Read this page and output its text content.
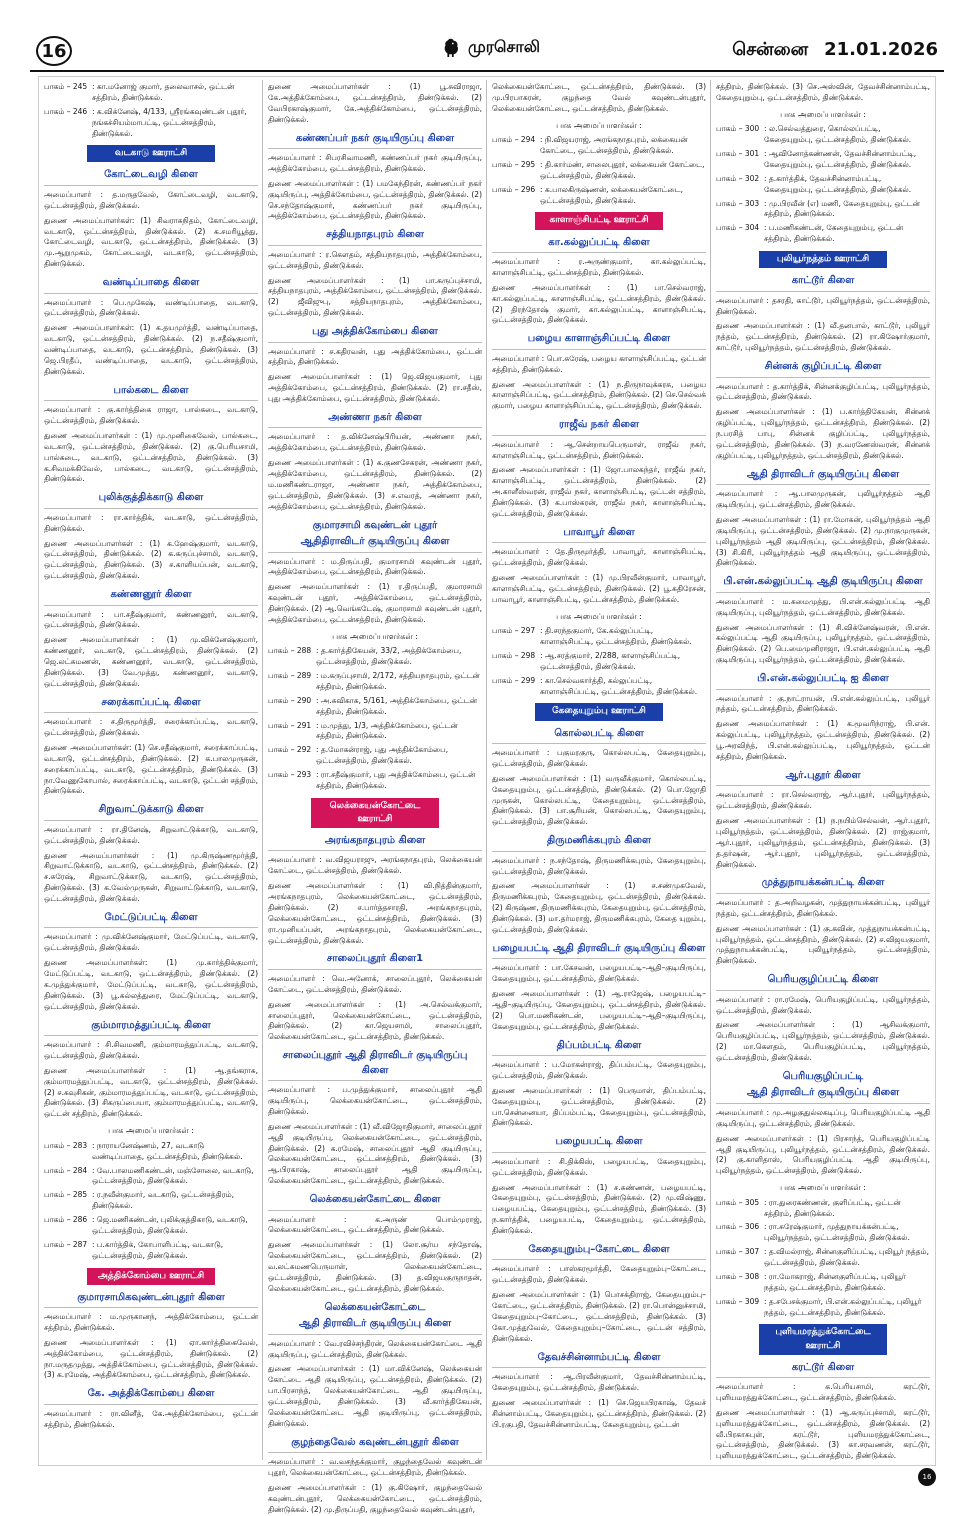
16	முரசொலி	சென்னை 21.01.2026
பாகம் – 245 : கா.மனோஜ் குமார், தலைவாசல், ஒட்டன் சத்திரம், திண்டுக்கல்.
பாகம் – 246 : க.விக்னேஷ், 4/133, ஸ்ரீரங்கவுண்டன் புதூர், நங்கச்சியம்மாபட்டி, ஒட்டன்சத்திரம், திண்டுக்கல்.
வடகாடு ஊராட்சி
கோட்டைவழி கிளை
அமைப்பாளர் : த.மருதவேல், கோட்டைவழி, வடகாடு, ஒட்டன்சத்திரம், திண்டுக்கல்.
துணை அமைப்பாளர்கள்: (1) சிவராசுநிதம், கோட்டைவழி, வடகாடு, ஒட்டன்சத்திரம், திண்டுக்கல். (2) க.சமரியூத்து, கோட்டைவழி, வடகாடு, ஒட்டன்சத்திரம், திண்டுக்கல். (3) மு.ஆறுமுகம், கோட்டைவழி, வடகாடு, ஒட்டன்சத்திரம், திண்டுக்கல்.
வண்டிப்பாதை கிளை
அமைப்பாளர் : பெ.முகேஷ், வண்டிப்பாதை, வடகாடு, ஒட்டன்சத்திரம், திண்டுக்கல்.
துணை அமைப்பாளர்கள்: (1) க.தயமுர்த்தி, வண்டிப்பாதை, வடகாடு, ஒட்டன்சத்திரம், திண்டுக்கல். (2) ந.சதீஷ்குமார், வண்டிப்பாதை, வடகாடு, ஒட்டன்சத்திரம், திண்டுக்கல். (3) ஜெ.பிரதீப், வண்டிப்பாதை, வடகாடு, ஒட்டன்சத்திரம், திண்டுக்கல்.
பால்கடை கிளை
அமைப்பாளர் : கு.கார்த்திகை ராஜா, பால்கடை, வடகாடு, ஒட்டன்சத்திரம், திண்டுக்கல்.
துணை அமைப்பாளர்கள் : (1) மு.முனிகைவேல், பால்கடை, வடகாடு, ஒட்டன்சத்திரம், திண்டுக்கல். (2) கு.பெரியசாமி, பால்கடை, வடகாடு, ஒட்டன்சத்திரம், திண்டுக்கல். (3) க.சிவமக்கிவேல், பால்கடை, வடகாடு, ஒட்டன்சத்திரம், திண்டுக்கல்.
புலிக்குத்திக்காடு கிளை
அமைப்பாளர் : ரா.கார்த்திக், வடகாடு, ஒட்டன்சத்திரம், திண்டுக்கல்.
துணை அமைப்பாளர்கள் : (1) க.ஹேஷ்குமார், வடகாடு, ஒட்டன்சத்திரம், திண்டுக்கல். (2) க.கருப்புச்சாமி, வடகாடு, ஒட்டன்சத்திரம், திண்டுக்கல். (3) ச.காளியப்பன், வடகாடு, ஒட்டன்சத்திரம், திண்டுக்கல்.
கண்ணனூர் கிளை
அமைப்பாளர் : பா.சதீஷ்குமார், கண்ணனூர், வடகாடு, ஒட்டன்சத்திரம், திண்டுக்கல்.
துணை அமைப்பாளர்கள் : (1) மு.விக்னேஷ்குமார், கண்ணனூர், வடகாடு, ஒட்டன்சத்திரம், திண்டுக்கல். (2) ஜெ.லட்சுமணன், கண்ணனூர், வடகாடு, ஒட்டன்சத்திரம், திண்டுக்கல். (3) வே.முத்து, கண்ணனூர், வடகாடு, ஒட்டன்சத்திரம், திண்டுக்கல்.
சரைக்காப்பட்டி கிளை
அமைப்பாளர் : ச.திருமூர்த்தி, சரைக்காப்பட்டி, வடகாடு, ஒட்டன்சத்திரம், திண்டுக்கல்.
துணை அமைப்பாளர்கள்: (1) செ.சதீஷ்குமார், சரைக்காப்பட்டி, வடகாடு, ஒட்டன்சத்திரம், திண்டுக்கல். (2) க.பாலமுருகன், சரைக்காப்பட்டி, வடகாடு, ஒட்டன்சத்திரம், திண்டுக்கல். (3) நா.வேணுகோபால், சரைக்காப்பட்டி, வடகாடு, ஒட்டன் சத்திரம், திண்டுக்கல்.
சிறுவாட்டுக்காடு கிளை
அமைப்பாளர் : ரா.தினேஷ், சிறுவாட்டுக்காடு, வடகாடு, ஒட்டன்சத்திரம், திண்டுக்கல்.
துணை அமைப்பாளர்கள் : (1) மு.கிருஷ்ணமூர்த்தி, சிறுவாட்டுக்காடு, வடகாடு, ஒட்டன்சத்திரம், திண்டுக்கல். (2) ச.சுரேஷ், சிறுவாட்டுக்காடு, வடகாடு, ஒட்டன்சத்திரம், திண்டுக்கல். (3) க.வேல்முருகன், சிறுவாட்டுக்காடு, வடகாடு, ஒட்டன்சத்திரம், திண்டுக்கல்.
மேட்டுப்பட்டி கிளை
அமைப்பாளர் : மு.விக்னேஷ்குமார், மேட்டுப்பட்டி, வடகாடு, ஒட்டன்சத்திரம், திண்டுக்கல்.
துணை அமைப்பாளர்கள்: (1) மு.கார்த்திக்குமார், மேட்டுப்பட்டி, வடகாடு, ஒட்டன்சத்திரம், திண்டுக்கல். (2) க.முத்துக்குமார், மேட்டுப்பட்டி, வடகாடு, ஒட்டன்சத்திரம், திண்டுக்கல். (3) பூ.சுல்லத்துரை, மேட்டுப்பட்டி, வடகாடு, ஒட்டன்சத்திரம், திண்டுக்கல்.
கும்மாரமத்துப்பட்டி கிளை
அமைப்பாளர் : சி.சிவமணி, கும்மாரமத்துப்பட்டி, வடகாடு, ஒட்டன்சத்திரம், திண்டுக்கல்.
துணை அமைப்பாளர்கள் : (1) ஆ.தங்கராசு, கும்மாரமத்துப்பட்டி, வடகாடு, ஒட்டன்சத்திரம், திண்டுக்கல். (2) ச.கவுசிகன், கும்மாரமத்துப்பட்டி, வடகாடு, ஒட்டன்சத்திரம், திண்டுக்கல். (3) சிகருப்பையா, கும்மாரமத்துப்பட்டி, வடகாடு, ஒட்டன் சத்திரம், திண்டுக்கல்.
பாக அமைப்பாளர்கள் :
பாகம் – 283 : நாராயனேஷ்ணம், 27, வடகாடு வண்டிப்பாதை, ஒட்டன்சத்திரம், திண்டுக்கல்.
பாகம் – 284 : வே.பாலமணிகண்டன், மஞ்சோலை, வடகாடு, ஒட்டன்சத்திரம், திண்டுக்கல்.
பாகம் – 285 : ர.நவீன்குமார், வடகாடு, ஒட்டன்சத்திரம், திண்டுக்கல்.
பாகம் – 286 : ஜெ.மணிகண்டன், புலிக்குத்திகாடு, வடகாடு, ஒட்டன்சத்திரம், திண்டுக்கல்.
பாகம் – 287 : ப.கார்த்திக், கோபாளிபட்டி, வடகாடு, ஒட்டன்சத்திரம், திண்டுக்கல்.
அத்திக்கோம்பை ஊராட்சி
குமாரசாமிகவுண்டன்புதூர் கிளை
அமைப்பாளர் : ம.முருகானந், அத்திக்கோம்பை, ஒட்டன் சத்திரம், திண்டுக்கல்.
துணை அமைப்பாளர்கள் : (1) ஏா.கார்த்திகைவேல், அத்திக்கோம்பை, ஒட்டன்சத்திரம், திண்டுக்கல். (2) நா.மருதமுத்து, அத்திக்கோம்பை, ஒட்டன்சத்திரம், திண்டுக்கல். (3) க.ரமேஷ், அத்திக்கோம்பை, ஒட்டன்சத்திரம், திண்டுக்கல்.
கே. அத்திக்கோம்பை கிளை
அமைப்பாளர் : ரா.வினீத், கே.அத்திக்கோம்பை, ஒட்டன் சத்திரம், திண்டுக்கல்.
துணை அமைப்பாளர்கள் : (1) பூ.சுவிராஜா, கே.அத்திக்கோம்பை, ஒட்டன்சத்திரம், திண்டுக்கல். (2) வேபிரகாஷ்குமார், கே.அத்திக்கோம்பை, ஒட்டன்சத்திரம், திண்டுக்கல்.
கண்ணப்பர் நகர் குடியிருப்பு கிளை
அமைப்பாளர் : சிபரசிவாமணி, கண்ணப்பர் நகர் குடியிருப்பு, அத்திக்கோம்பை, ஒட்டன்சத்திரம், திண்டுக்கல்.
துணை அமைப்பாளர்கள் : (1) பமகேந்திரன், கண்ணப்பர் நகர் குடியிருப்பு, அத்திக்கோம்பை, ஒட்டன்சத்திரம், திண்டுக்கல். (2) செ.சந்தோஷ்குமார், கண்ணப்பர் நகர் குடியிருப்பு, அத்திக்கோம்பை, ஒட்டன்சத்திரம், திண்டுக்கல்.
சத்தியநாதபுரம் கிளை
அமைப்பாளர் : ர.கௌதம், சத்தியநாதபுரம், அத்திக்கோம்பை, ஒட்டன்சத்திரம், திண்டுக்கல்.
துணை அமைப்பாளர்கள் : (1) பா.கருப்புச்சாமி, சத்தியநாதபுரம், அத்திக்கோம்பை, ஒட்டன்சத்திரம், திண்டுக்கல். (2) ஜீவிஜுபு, சத்தியநாதபுரம், அத்திக்கோம்பை, ஒட்டன்சத்திரம், திண்டுக்கல்.
புது அத்திக்கோம்பை கிளை
அமைப்பாளர் : ச.கதிரவன், புது அத்திக்கோம்பை, ஒட்டன் சத்திரம், திண்டுக்கல்.
துணை அமைப்பாளர்கள் : (1) ஜெ.விஜயகுமார், புது அத்திக்கோம்பை, ஒட்டன்சத்திரம், திண்டுக்கல். (2) ரா.சதீஸ், புது அத்திக்கோம்பை, ஒட்டன்சத்திரம், திண்டுக்கல்.
அண்ணா நகர் கிளை
அமைப்பாளர் : த.விக்னேஷ்பிரியன், அண்ணா நகர், அத்திக்கோம்பை, ஒட்டன்சத்திரம், திண்டுக்கல்.
துணை அமைப்பாளர்கள் : (1) க.குணசேகரன், அண்ணா நகர், அத்திக்கோம்பை, ஒட்டன்சத்திரம், திண்டுக்கல். (2) ம.மணிகண்டராஜா, அண்ணா நகர், அத்திக்கோம்பை, ஒட்டன்சத்திரம், திண்டுக்கல். (3) ச.எவரத், அண்ணா நகர், அத்திக்கோம்பை, ஒட்டன்சத்திரம், திண்டுக்கல்.
குமாரசாமி கவுண்டன் புதூர்
ஆதிதிராவிடர் குடியிருப்பு கிளை
அமைப்பாளர் : ம.திருப்பதி, குமாரசாமி கவுண்டன் புதூர், அத்திக்கோம்பை, ஒட்டன்சத்திரம், திண்டுக்கல்.
துணை அமைப்பாளர்கள் : (1) ர.திருப்பதி, குமாரசாமி கவுண்டன் புதூர், அத்திக்கோம்பை, ஒட்டன்சத்திரம், திண்டுக்கல். (2) ஆ.வெங்கடேஷ், குமாரசாமி கவுண்டன் புதூர், அத்திக்கோம்பை, ஒட்டன்சத்திரம், திண்டுக்கல்.
பாக அமைப்பாளர்கள் :
பாகம் – 288 : த.கார்த்திகேயன், 33/2, அத்திக்கோம்பை, ஒட்டன்சத்திரம், திண்டுக்கல்.
பாகம் – 289 : ம.கருப்புசாமி, 2/172, சத்தியநாதபுரம், ஒட்டன் சத்திரம், திண்டுக்கல்.
பாகம் – 290 : அ.சுவிகாசு, 5/161, அத்திக்கோம்பை, ஒட்டன் சத்திரம், திண்டுக்கல்.
பாகம் – 291 : ம.முத்து, 1/3, அத்திக்கோம்பை, ஒட்டன் சத்திரம், திண்டுக்கல்.
பாகம் – 292 : த.மோகன்ராஜ், புது அத்திக்கோம்பை, ஒட்டன்சத்திரம், திண்டுக்கல்.
பாகம் – 293 : ரா.சதீஷ்குமார், புது அத்திக்கோம்பை, ஒட்டன் சத்திரம், திண்டுக்கல்.
லெக்கையன்கோட்டை ஊராட்சி
அரங்கநாதபுரம் கிளை
அமைப்பாளர் : வ.விஜயராஜு, அரங்கநாதபுரம், லெக்கையன் கோட்டை, ஒட்டன்சத்திரம், திண்டுக்கல்.
துணை அமைப்பாளர்கள் : (1) வி.நித்தின்குமார், அரங்கநாதபுரம், லெக்கையன்கோட்டை, ஒட்டன்சத்திரம், திண்டுக்கல். (2) ச.பார்த்தசாரதி, அரங்கநாதபுரம், லெக்கையன்கோட்டை, ஒட்டன்சத்திரம், திண்டுக்கல். (3) ரா.முனியப்பன், அரங்கநாதபுரம், லெக்கையன்கோட்டை, ஒட்டன்சத்திரம், திண்டுக்கல்.
சாலைப்புதூர் கிளை1
அமைப்பாளர் : வெ.அனோக், சாலைப்புதூர், லெக்கையன் கோட்டை, ஒட்டன்சத்திரம், திண்டுக்கல்.
துணை அமைப்பாளர்கள் : (1) அ.செல்வக்குமார், சாலைப்புதூர், லெக்கையன்கோட்டை, ஒட்டன்சத்திரம், திண்டுக்கல். (2) கா.ஜெயசாமி, சாலைப்புதூர், லெக்கையன்கோட்டை, ஒட்டன்சத்திரம், திண்டுக்கல்.
சாலைப்புதூர் ஆதி திராவிடர் குடியிருப்பு கிளை
அமைப்பாளர் : ப.முத்துக்குமார், சாலைப்புதூர் ஆதி குடியிருப்பு, லெக்கையன்கோட்டை, ஒட்டன்சத்திரம், திண்டுக்கல்.
துணை அமைப்பாளர்கள் : (1) வீ.விஜோதிகுமார், சாலைப்புதூர் ஆதி குடியிருப்பு, லெக்கையன்கோட்டை, ஒட்டன்சத்திரம், திண்டுக்கல். (2) க.ரமேஷ், சாலைப்புதூர் ஆதி குடியிருப்பு, லெக்கையன்கோட்டை, ஒட்டன்சத்திரம், திண்டுக்கல். (3) ஆ.பிரகாஷ், சாலைப்புதூர் ஆதி குடியிருப்பு, லெக்கையன்கோட்டை, ஒட்டன்சத்திரம், திண்டுக்கல்.
லெக்கையன்கோட்டை கிளை
அமைப்பாளர் : க.அருண் பொம்முராஜ், லெக்கையன்கோட்டை, ஒட்டன்சத்திரம், திண்டுக்கல்.
துணை அமைப்பாளர்கள் : (1) லோ.சூர்ய சந்தோஷ், லெக்கையன்கோட்டை, ஒட்டன்சத்திரம், திண்டுக்கல். (2) வ.லட்சுமணபெருமாள், லெக்கையன்கோட்டை, ஒட்டன்சத்திரம், திண்டுக்கல். (3) த.விஜயகுருநாதன், லெக்கையன்கோட்டை, ஒட்டன்சத்திரம், திண்டுக்கல்.
லெக்கையன்கோட்டை
ஆதி திராவிடர் குடியிருப்பு கிளை
அமைப்பாளர் : வே.ரவிச்சந்திரன், லெக்கையன்கோட்டை ஆதி குடியிருப்பு, ஒட்டன்சத்திரம், திண்டுக்கல்.
துணை அமைப்பாளர்கள் : (1) மா.விக்னேஷ், லெக்கையன் கோட்டை ஆதி குடியிருப்பு, ஒட்டன்சத்திரம், திண்டுக்கல். (2) பா.பிரசாந்த், லெக்கையன்கோட்டை ஆதி குடியிருப்பு, ஒட்டன்சத்திரம், திண்டுக்கல். (3) வீ.கார்த்திகேயன், லெக்கையன்கோட்டை ஆதி குடியிருப்பு, ஒட்டன்சத்திரம், திண்டுக்கல்.
குழந்தைவேல் கவுண்டன்புதூர் கிளை
அமைப்பாளர் : வ.வசந்தக்குமார், குழந்தைவேல் கவுண்டன் புதூர், லெக்கையன்கோட்டை, ஒட்டன்சத்திரம், திண்டுக்கல்.
துணை அமைப்பாளர்கள் : (1) கு.கிஷோர், குழந்தைவேல் கவுண்டன்புதூர், லெக்கையன்கோட்டை, ஒட்டன்சத்திரம், திண்டுக்கல். (2) மு.திருப்பதி, குழந்தைவேல் கவுண்டன்புதூர்,
லெக்கையன்கோட்டை, ஒட்டன்சத்திரம், திண்டுக்கல். (3) மு.பிரபாகரன், குழந்தை வேல் கவுண்டன்புதூர், லெக்கையன்கோட்டை, ஒட்டன்சத்திரம், திண்டுக்கல்.
பாக அமைப்பாளர்கள் :
பாகம் – 294 : நி.விஜயராஜ், அரங்கநாதபுரம், லக்கையன் கோட்டை, ஒட்டன்சத்திரம், திண்டுக்கல்.
பாகம் – 295 : தி.கார்மண், சாலைபுதூர், லக்கையன் கோட்டை, ஒட்டன்சத்திரம், திண்டுக்கல்.
பாகம் – 296 : க.பாலகிருஷ்ணன், லக்கையன்கோட்டை, ஒட்டன்சத்திரம், திண்டுக்கல்.
காளாஞ்சிபட்டி ஊராட்சி
கா.கல்லுப்பட்டி கிளை
அமைப்பாளர் : ர.அருண்குமார், கா.கல்லுப்பட்டி, காளாஞ்சிபட்டி, ஒட்டன்சத்திரம், திண்டுக்கல்.
துணை அமைப்பாளர்கள் : (1) பா.செல்வராஜ், கா.கல்லுப்பட்டி, காளாஞ்சிபட்டி, ஒட்டன்சத்திரம், திண்டுக்கல். (2) திரந்தோஷ் குமார், கா.கல்லுப்பட்டி, காளாஞ்சிபட்டி, ஒட்டன்சத்திரம், திண்டுக்கல்.
பழைய காளாஞ்சிப்பட்டி கிளை
அமைப்பாளர் : பொ.சுரேஷ், பழைய காளாஞ்சிப்பட்டி, ஒட்டன் சத்திரம், திண்டுக்கல்.
துணை அமைப்பாளர்கள் : (1) ந.திருநாவுக்கரசு, பழைய காளாஞ்சிப்பட்டி, ஒட்டன்சத்திரம், திண்டுக்கல். (2) செ.செல்வக் குமார், பழைய காளாஞ்சிப்பட்டி, ஒட்டன்சத்திரம், திண்டுக்கல்.
ராஜீவ் நகர் கிளை
அமைப்பாளர் : ஆ.சென்றாயபெருமாள், ராஜீவ் நகர், காளாஞ்சிபட்டி, ஒட்டன்சத்திரம், திண்டுக்கல்.
துணை அமைப்பாளர்கள் : (1) ஜோ.பாலகந்தர், ராஜீவ் நகர், காளாஞ்சிபட்டி, ஒட்டன்சத்திரம், திண்டுக்கல். (2) அ.காளீஸ்வரன், ராஜீவ் நகர், காளாஞ்சிபட்டி, ஒட்டன் சத்திரம், திண்டுக்கல். (3) க.பாஸ்கரன், ராஜீவ் நகர், காளாஞ்சிபட்டி, ஒட்டன்சத்திரம், திண்டுக்கல்.
பாவாபூர் கிளை
அமைப்பாளர் : தே.திருமூர்த்தி, பாவாபூர், காளாஞ்சிபட்டி, ஒட்டன்சத்திரம், திண்டுக்கல்.
துணை அமைப்பாளர்கள் : (1) மு.பிரவீன்குமார், பாவாபூர், காளாஞ்சிபட்டி, ஒட்டன்சத்திரம், திண்டுக்கல். (2) பூ.சுதிரேசன், பாவாபூர், காளாஞ்சிபட்டி, ஒட்டன்சத்திரம், திண்டுக்கல்.
பாக அமைப்பாளர்கள் :
பாகம் – 297 : தி.சரந்தகுமார், கே.கல்லுப்பட்டி, காளாஞ்சிபட்டி, ஒட்டன்சத்திரம், திண்டுக்கல்.
பாகம் – 298 : ஆ.சரத்குமார், 2/288, காளாஞ்சிப்பட்டி, ஒட்டன்சத்திரம், திண்டுக்கல்.
பாகம் – 299 : கா.செல்வகார்த்தி, கல்லுப்பட்டி, காளாஞ்சிப்பட்டி, ஒட்டன்சத்திரம், திண்டுக்கல்.
கேதையுறும்பு ஊராட்சி
கொல்லபட்டி கிளை
அமைப்பாளர் : பகுமரகுரு, கொல்லபட்டி, கேதையுறும்பு, ஒட்டன்சத்திரம், திண்டுக்கல்.
துணை அமைப்பாளர்கள் : (1) வருவீக்குமார், கொல்லபட்டி, கேதையுறும்பு, ஒட்டன்சத்திரம், திண்டுக்கல். (2) பொ.ஜோதி முருகன், கொல்லபட்டி, கேதையுறும்பு, ஒட்டன்சத்திரம், திண்டுக்கல். (3) பா.சூரியன், கொல்லபட்டி, கேதையுறும்பு, ஒட்டன்சத்திரம், திண்டுக்கல்.
திருமணிக்கபுரம் கிளை
அமைப்பாளர் : ந.சந்தோஷ், திருமணிக்கபுரம், கேதையுறும்பு, ஒட்டன்சத்திரம், திண்டுக்கல்.
துணை அமைப்பாளர்கள் : (1) ச.சண்முகவேல், திருமணிக்கபுரம், கேதையுறும்பு, ஒட்டன்சத்திரம், திண்டுக்கல். (2) கிருஷ்ண, திருமணிக்கபுரம், கேதையுறும்பு, ஒட்டன்சத்திரம், திண்டுக்கல். (3) மா.தர்மராஜ், திருமணிக்கபுரம், கேதை யுறும்பு, ஒட்டன்சத்திரம், திண்டுக்கல்.
பழையபட்டி ஆதி திராவிடர் குடியிருப்பு கிளை
அமைப்பாளர் : பா.கேசவன், பழையபட்டி–ஆதி–குடியிருப்பு, கேதையுறும்பு, ஒட்டன்சத்திரம், திண்டுக்கல்.
துணை அமைப்பாளர்கள் : (1) ஆ.ராஜேஷ், பழையபட்டி–ஆதி–குடியிருப்பு, கேதையுறும்பு, ஒட்டன்சத்திரம், திண்டுக்கல். (2) பொ.மணிகண்டன், பழையபட்டி–ஆதி–குடியிருப்பு, கேதையுறும்பு, ஒட்டன்சத்திரம், திண்டுக்கல்.
திப்பம்பட்டி கிளை
அமைப்பாளர் : ப.மோகன்ராஜ், திப்பம்பட்டி, கேதையுறும்பு, ஒட்டன்சத்திரம், திண்டுக்கல்.
துணை அமைப்பாளர்கள் : (1) பெருமாள், திப்பம்பட்டி, கேதையுறும்பு, ஒட்டன்சத்திரம், திண்டுக்கல். (2) பா.சென்னையா, திப்பம்பட்டி, கேதையுறும்பு, ஒட்டன்சத்திரம், திண்டுக்கல்.
பழையபட்டி கிளை
அமைப்பாளர் : சி.திக்கிஸ், பழையபட்டி, கேதையுறும்பு, ஒட்டன்சத்திரம், திண்டுக்கல்.
துணை அமைப்பாளர்கள் : (1) ச.சுண்ணன், பழையபட்டி, கேதையுறும்பு, ஒட்டன்சத்திரம், திண்டுக்கல். (2) மு.விஷ்ணு, பழையபட்டி, கேதையுறும்பு, ஒட்டன்சத்திரம், திண்டுக்கல். (3) ந.கார்த்திக், பழையபட்டி, கேதையுறும்பு, ஒட்டன்சத்திரம், திண்டுக்கல்.
கேதையுறும்பு–கோட்டை கிளை
அமைப்பாளர் : பாஸ்கரமூர்த்தி, கேதையுறும்பு–கோட்டை, ஒட்டன்சத்திரம், திண்டுக்கல்.
துணை அமைப்பாளர்கள் : (1) பொசக்திராஜ், கேதையுறும்பு–கோட்டை, ஒட்டன்சத்திரம், திண்டுக்கல். (2) ரா.பொன்னுச்சாமி, கேதையுறும்பு–கோட்டை, ஒட்டன்சத்திரம், திண்டுக்கல். (3) கோ.முத்துவேல், கேதையுறும்பு–கோட்டை, ஒட்டன் சத்திரம், திண்டுக்கல்.
தேவச்சின்னாம்பட்டி கிளை
அமைப்பாளர் : ஆ.பிரவீன்குமார், தேவச்சின்னாம்பட்டி, கேதையுறும்பு, ஒட்டன்சத்திரம், திண்டுக்கல்.
துணை அமைப்பாளர்கள் : (1) செ.ஜெயபிரகாஷ், தேவச் சின்னாம்பட்டி, கேதையுறும்பு, ஒட்டன்சத்திரம், திண்டுக்கல். (2) பி.ரகுபதி, தேவச்சின்னாம்பட்டி, கேதையுறும்பு, ஒட்டன்
சத்திரம், திண்டுக்கல். (3) செ.அஸ்வின், தேவச்சின்னாம்பட்டி, கேதையுறும்பு, ஒட்டன்சத்திரம், திண்டுக்கல்.
பாக அமைப்பாளர்கள் :
பாகம் – 300 : ல.செல்வத்துரை, கொல்லப்பட்டி, கேதையுறும்பு, ஒட்டன்சத்திரம், திண்டுக்கல்.
பாகம் – 301 : ஆவினோத்கண்ணன், தேவச்சின்னாம்பட்டி, கேதையுறும்பு, ஒட்டன்சத்திரம், திண்டுக்கல்.
பாகம் – 302 : த.கார்த்திக், தேவச்சின்னாம்பட்டி, கேதையுறும்பு, ஒட்டன்சத்திரம், திண்டுக்கல்.
பாகம் – 303 : மு.பிரவீன் (எ) மணி, கேதையுறும்பு, ஒட்டன் சத்திரம், திண்டுக்கல்.
பாகம் – 304 : ப.மணிகண்டன், கேதையுறும்பு, ஒட்டன் சத்திரம், திண்டுக்கல்.
புலியூர்நத்தம் ஊராட்சி
காட்டூர் கிளை
அமைப்பாளர் : தசரதி, காட்டூர், புலியூர்நத்தம், ஒட்டன்சத்திரம், திண்டுக்கல்.
துணை அமைப்பாளர்கள் : (1) வீ.தனபால், காட்டூர், புலியூர் நத்தம், ஒட்டன்சத்திரம், திண்டுக்கல். (2) ரா.கிஷோர்குமார், காட்டூர், புலியூர்நத்தம், ஒட்டன்சத்திரம், திண்டுக்கல்.
சின்னக் குழிப்பட்டி கிளை
அமைப்பாளர் : த.கார்த்திக், சின்னக்குழிப்பட்டி, புலியூர்நத்தம், ஒட்டன்சத்திரம், திண்டுக்கல்.
துணை அமைப்பாளர்கள் : (1) ப.கார்த்திகேயன், சின்னக் குழிப்பட்டி, புலியூர்நத்தம், ஒட்டன்சத்திரம், திண்டுக்கல். (2) ந.பரசித் பாபு, சின்னக் குழிப்பட்டி, புலியூர்நத்தம், ஒட்டன்சத்திரம், திண்டுக்கல். (3) ந.வரணேஸ்வரன், சின்னக் குழிப்பட்டி, புலியூர்நத்தம், ஒட்டன்சத்திரம், திண்டுக்கல்.
ஆதி திராவிடர் குடியிருப்பு கிளை
அமைப்பாளர் : ஆ.பாலமுருகன், புலியூர்நத்தம் ஆதி குடியிருப்பு, ஒட்டன்சத்திரம், திண்டுக்கல்.
துணை அமைப்பாளர்கள் : (1) ரா.மோகன், புலியூர்நத்தம் ஆதி குடியிருப்பு, ஒட்டன்சத்திரம், திண்டுக்கல். (2) மு.நாகுமுருகன், புலியூர்நத்தம் ஆதி குடியிருப்பு, ஒட்டன்சத்திரம், திண்டுக்கல். (3) சி.கிரி, புலியூர்நத்தம் ஆதி குடியிருப்பு, ஒட்டன்சத்திரம், திண்டுக்கல்.
பி.என்.கல்லுப்பட்டி ஆதி குடியிருப்பு கிளை
அமைப்பாளர் : ம.சுமைமுத்து, பி.என்.கல்லுப்பட்டி ஆதி குடியிருப்பு, புலியூர்நத்தம், ஒட்டன்சத்திரம், திண்டுக்கல்.
துணை அமைப்பாளர்கள் : (1) சி.விக்னேஷ்வரன், பி.என். கல்லுப்பட்டி ஆதி குடியிருப்பு, புலியூர்நத்தம், ஒட்டன்சத்திரம், திண்டுக்கல். (2) பெ.மைமுனிராஜா, பி.என்.கல்லுப்பட்டி ஆதி குடியிருப்பு, புலியூர்நத்தம், ஒட்டன்சத்திரம், திண்டுக்கல்.
பி.என்.கல்லுப்பட்டி ஐ கிளை
அமைப்பாளர் : கு.நாட்ராயன், பி.என்.கல்லுப்பட்டி, புலியூர் நத்தம், ஒட்டன்சத்திரம், திண்டுக்கல்.
துணை அமைப்பாளர்கள் : (1) க.மூவரிந்ராஜ், பி.என். கல்லுப்பட்டி, புலியூர்நத்தம், ஒட்டன்சத்திரம், திண்டுக்கல். (2) பூ.அரவிந்த், பி.என்.கல்லுப்பட்டி, புலியூர்நத்தம், ஒட்டன் சத்திரம், திண்டுக்கல்.
ஆர்.புதூர் கிளை
அமைப்பாளர் : ரா.செல்வராஜ், ஆர்.புதூர், புலியூர்நத்தம், ஒட்டன்சத்திரம், திண்டுக்கல்.
துணை அமைப்பாளர்கள் : (1) ந.நயிம்செல்வன், ஆர்.புதூர், புலியூர்நத்தம், ஒட்டன்சத்திரம், திண்டுக்கல். (2) ராஜ்குமார், ஆர்.புதூர், புலியூர்நத்தம், ஒட்டன்சத்திரம், திண்டுக்கல். (3) த.தர்ஷன், ஆர்.புதூர், புலியூர்நத்தம், ஒட்டன்சத்திரம், திண்டுக்கல்.
முத்துநாயக்கன்பட்டி கிளை
அமைப்பாளர் : த.அறிவழகன், முத்துநாயக்கன்பட்டி, புலியூர் நத்தம், ஒட்டன்சத்திரம், திண்டுக்கல்.
துணை அமைப்பாளர்கள் : (1) கு.கவின், முத்துநாயக்கன்பட்டி, புலியூர்நத்தம், ஒட்டன்சத்திரம், திண்டுக்கல். (2) ச.விஜயகுமார், முத்துநாயக்கன்பட்டி, புலியூர்நத்தம், ஒட்டன்சத்திரம், திண்டுக்கல்.
பெரியகுழிப்பட்டி கிளை
அமைப்பாளர் : ரா.ரமேஷ், பெரியகுழிப்பட்டி, புலியூர்நத்தம், ஒட்டன்சத்திரம், திண்டுக்கல்.
துணை அமைப்பாளர்கள் : (1) ஆசிவக்குமார், பெரியகுழிப்பட்டி, புலியூர்நத்தம், ஒட்டன்சத்திரம், திண்டுக்கல். (2) மா.கௌதம், பெரியகுழிப்பட்டி, புலியூர்நத்தம், ஒட்டன்சத்திரம், திண்டுக்கல்.
பெரியகுழிப்பட்டி
ஆதி திராவிடர் குடியிருப்பு கிளை
அமைப்பாளர் : மு.அழகுதுல்லசுடிப்பு, பெரியகுழிப்பட்டி ஆதி குடியிருப்பு, ஒட்டன்சத்திரம், திண்டுக்கல்.
துணை அமைப்பாளர்கள் : (1) பிரசாந்த், பெரியகுழிப்பட்டி ஆதி குடியிருப்பு, புலியூர்நத்தம், ஒட்டன்சத்திரம், திண்டுக்கல். (2) கு.காளிதாஸ், பெரியகுழிப்பட்டி ஆதி குடியிருப்பு, புலியூர்நத்தம், ஒட்டன்சத்திரம், திண்டுக்கல்.
பாக அமைப்பாளர்கள் :
பாகம் – 305 : ரா.துரைகண்ணன், குளிப்பட்டி, ஒட்டன் சத்திரம், திண்டுக்கல்.
பாகம் – 306 : ரா.சுரேஷ்குமார், முத்துநாயக்கன்பட்டி, புலியூர்நத்தம், ஒட்டன்சத்திரம், திண்டுக்கல்.
பாகம் – 307 : த.விமல்ராஜ், சின்னகுளிப்பட்டி, புலியூர் நத்தம், ஒட்டன்சத்திரம், திண்டுக்கல்.
பாகம் – 308 : ரா.மோகராஜ், சின்னகுளிப்பட்டி, புலியூர் நத்தம், ஒட்டன்சத்திரம், திண்டுக்கல்.
பாகம் – 309 : த.சபேசக்குமார், பி.என்.கல்லுப்பட்டி, புலியூர் நத்தம், ஒட்டன்சத்திரம், திண்டுக்கல்.
புளியமரத்துக்கோட்டை ஊராட்சி
கரட்டூர் கிளை
அமைப்பாளர் : க.பெரியசாமி, கரட்டூர், புளியமரத்துக்கோட்டை, ஒட்டன்சத்திரம், திண்டுக்கல்.
துணை அமைப்பாளர்கள் : (1) ஆ.கருப்புச்சாமி, கரட்டூர், புளியமரத்துக்கோட்டை, ஒட்டன்சத்திரம், திண்டுக்கல். (2) வீ.பிரகாசுபுள், கரட்டூர், புளியமரத்துக்கோட்டை, ஒட்டன்சத்திரம், திண்டுக்கல். (3) கா.சரவணன், கரட்டூர், புளியமரத்துக்கோட்டை, ஒட்டன்சத்திரம், திண்டுக்கல்.
16
